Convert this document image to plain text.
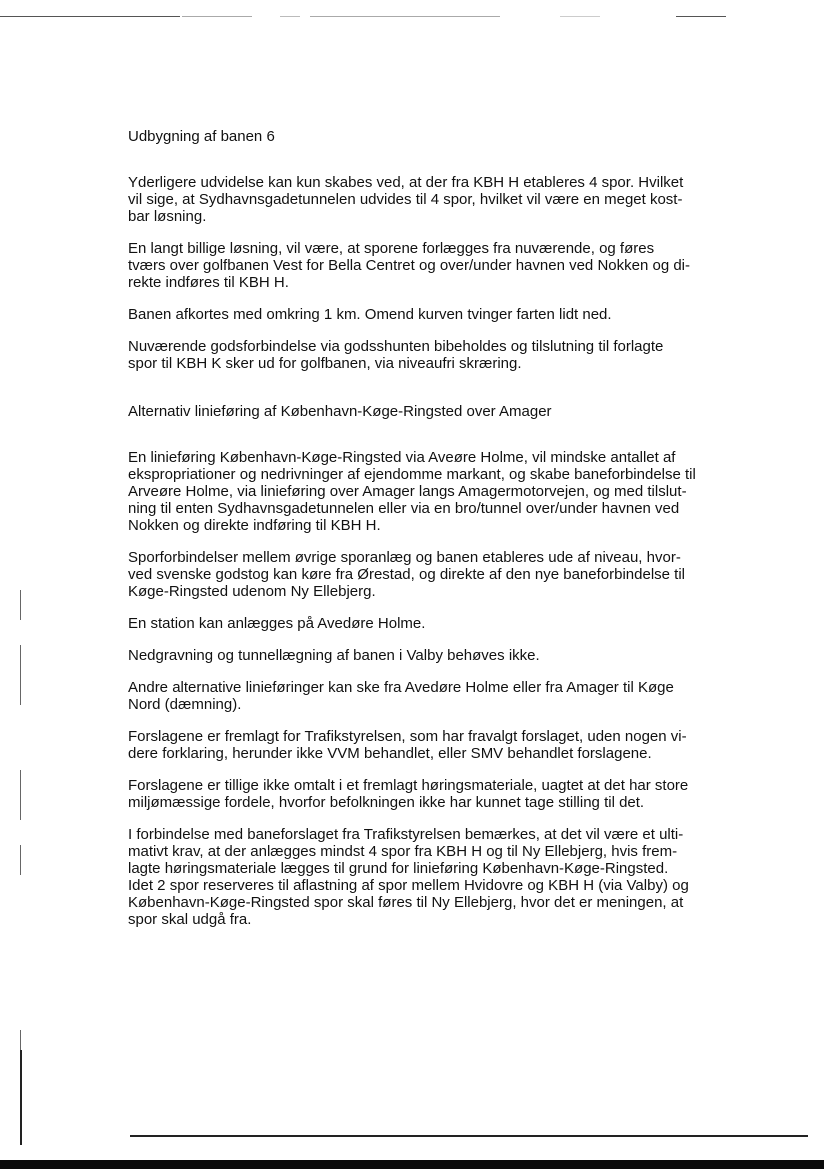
Udbygning af banen 6

Yderligere udvidelse kan kun skabes ved, at der fra KBH H etableres 4 spor. Hvilket
vil sige, at Sydhavnsgadetunnelen udvides til 4 spor, hvilket vil være en meget kost-
bar løsning.

En langt billige løsning, vil være, at sporene forlægges fra nuværende, og føres
tværs over golfbanen Vest for Bella Centret og over/under havnen ved Nokken og di-
rekte indføres til KBH H.

Banen afkortes med omkring 1 km. Omend kurven tvinger farten lidt ned.

Nuværende godsforbindelse via godsshunten bibeholdes og tilslutning til forlagte
spor til KBH K sker ud for golfbanen, via niveaufri skræring.

Alternativ linieføring af København-Køge-Ringsted over Amager

En linieføring København-Køge-Ringsted via Aveøre Holme, vil mindske antallet af
ekspropriationer og nedrivninger af ejendomme markant, og skabe baneforbindelse til
Arveøre Holme, via linieføring over Amager langs Amagermotorvejen, og med tilslut-
ning til enten Sydhavnsgadetunnelen eller via en bro/tunnel over/under havnen ved
Nokken og direkte indføring til KBH H.

Sporforbindelser mellem øvrige sporanlæg og banen etableres ude af niveau, hvor-
ved svenske godstog kan køre fra Ørestad, og direkte af den nye baneforbindelse til
Køge-Ringsted udenom Ny Ellebjerg.

En station kan anlægges på Avedøre Holme.

Nedgravning og tunnellægning af banen i Valby behøves ikke.

Andre alternative linieføringer kan ske fra Avedøre Holme eller fra Amager til Køge
Nord (dæmning).

Forslagene er fremlagt for Trafikstyrelsen, som har fravalgt forslaget, uden nogen vi-
dere forklaring, herunder ikke VVM behandlet, eller SMV behandlet forslagene.

Forslagene er tillige ikke omtalt i et fremlagt høringsmateriale, uagtet at det har store
miljømæssige fordele, hvorfor befolkningen ikke har kunnet tage stilling til det.

I forbindelse med baneforslaget fra Trafikstyrelsen bemærkes, at det vil være et ulti-
mativt krav, at der anlægges mindst 4 spor fra KBH H og til Ny Ellebjerg, hvis frem-
lagte høringsmateriale lægges til grund for linieføring København-Køge-Ringsted.
Idet 2 spor reserveres til aflastning af spor mellem Hvidovre og KBH H (via Valby) og
København-Køge-Ringsted spor skal føres til Ny Ellebjerg, hvor det er meningen, at
spor skal udgå fra.
